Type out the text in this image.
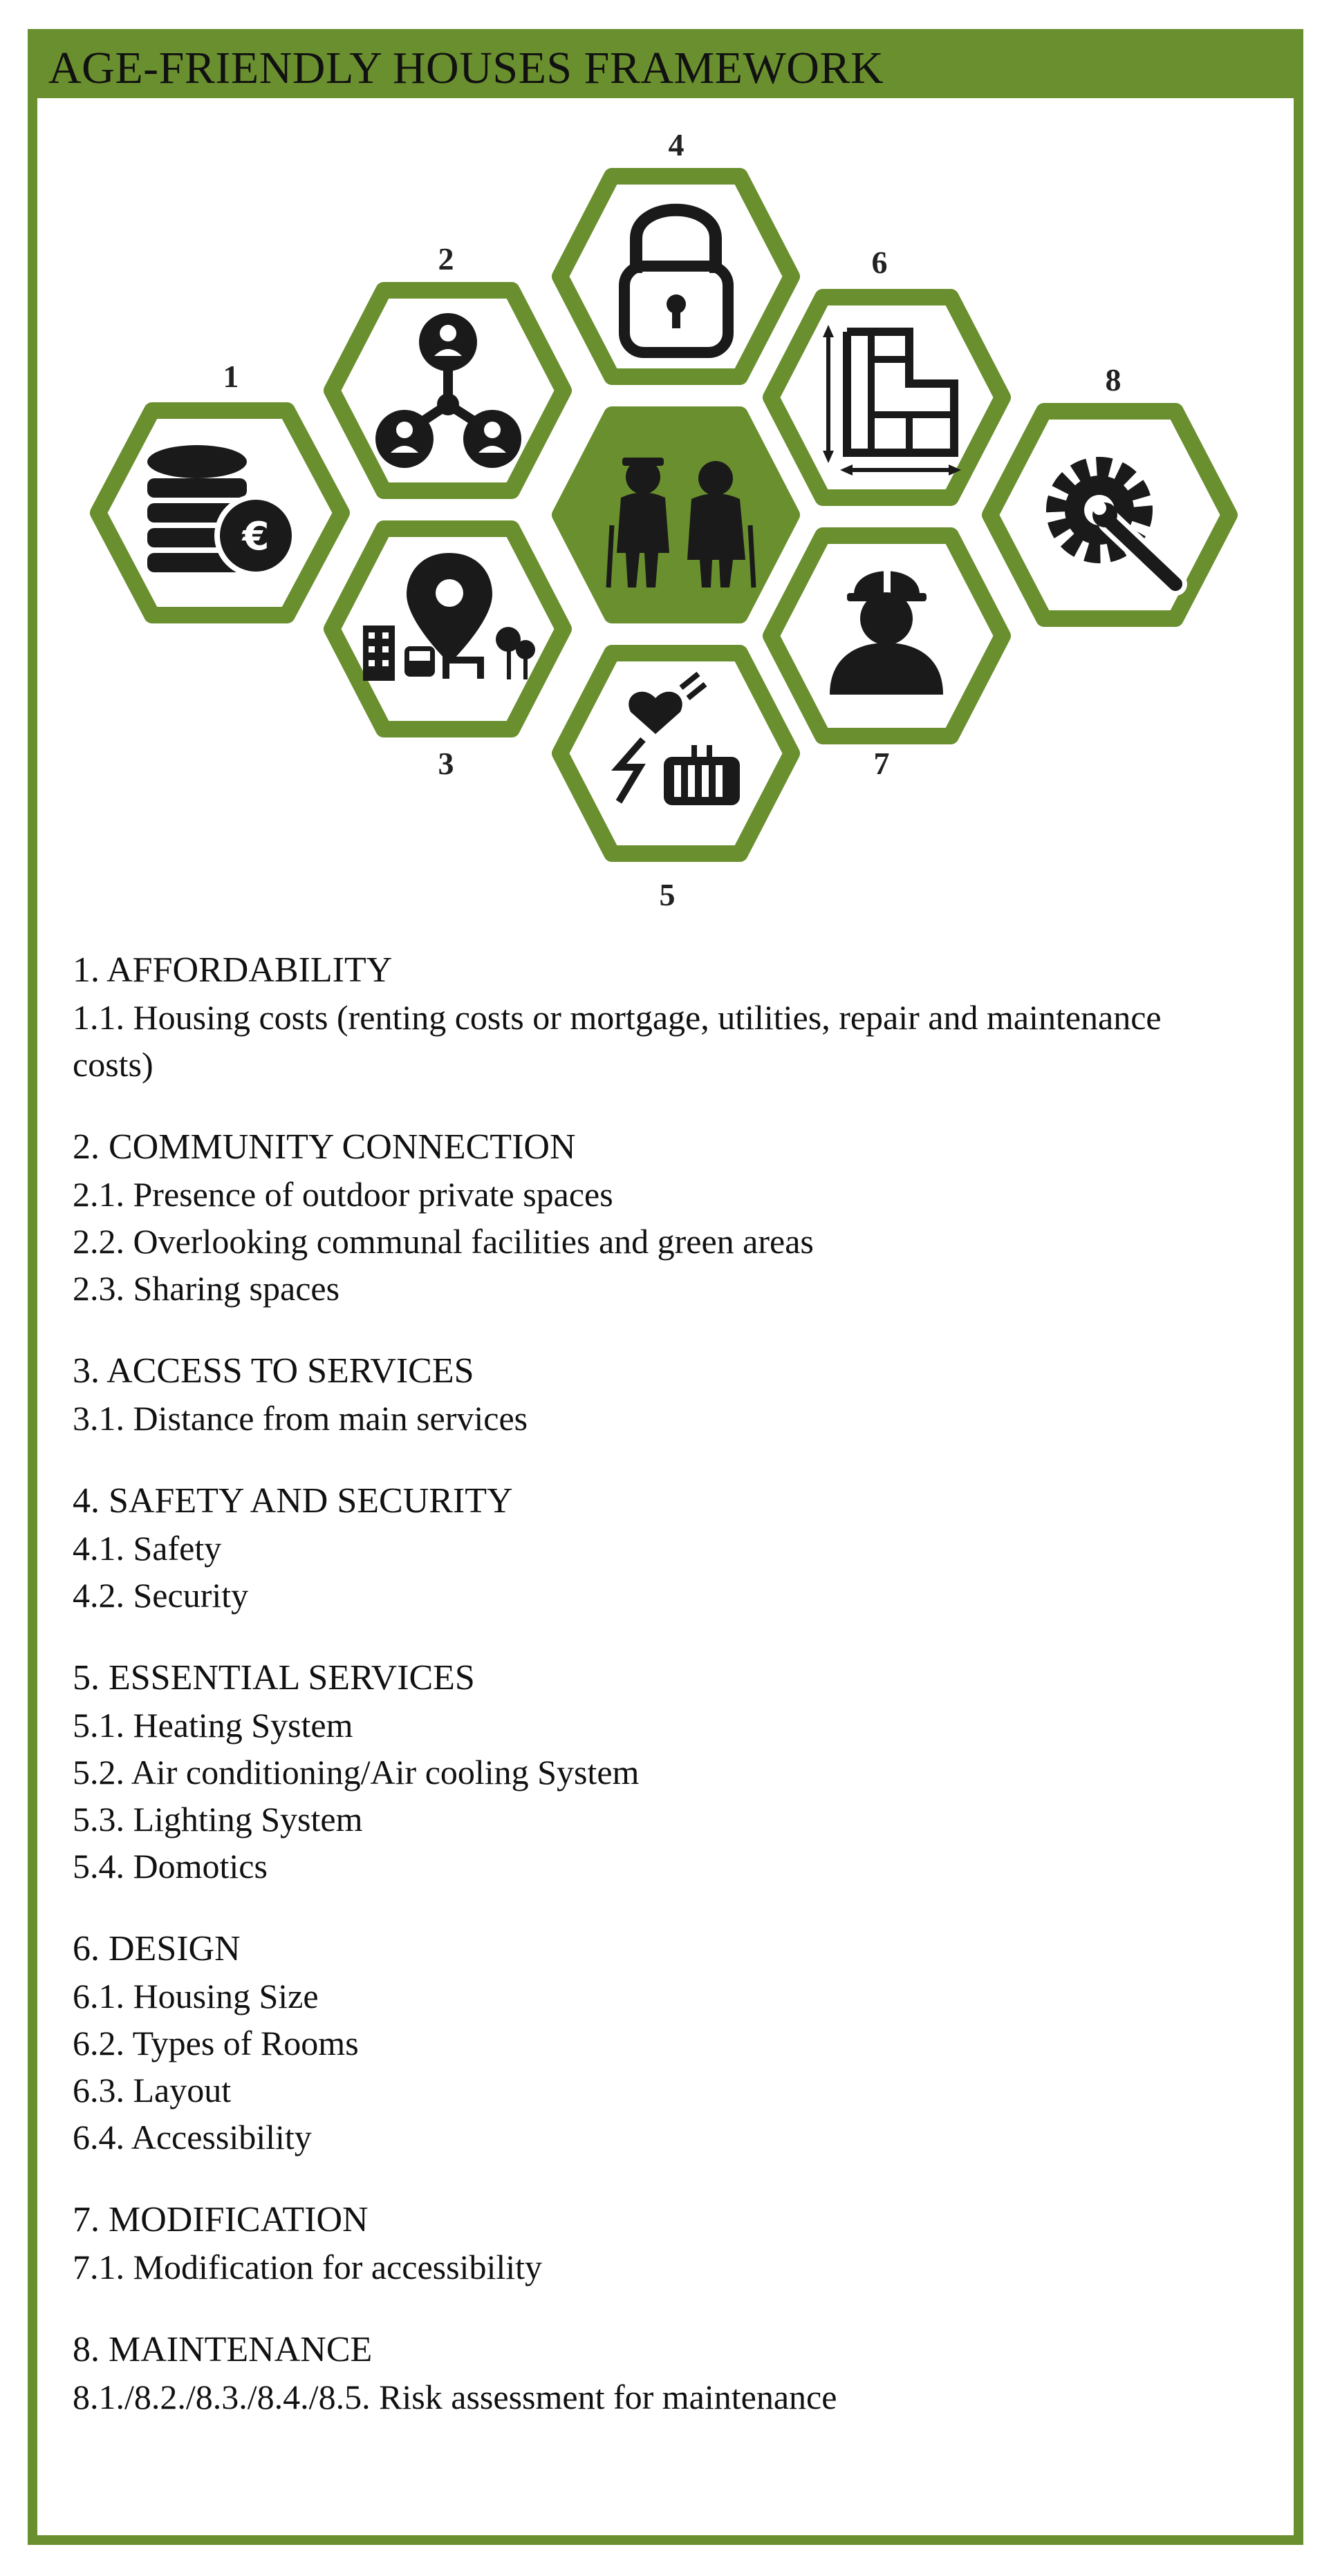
AGE-FRIENDLY HOUSES FRAMEWORK
1
€
2
3
4
5
6
7
8

1. AFFORDABILITY

1.1. Housing costs (renting costs or mortgage, utilities, repair and maintenance costs)

2. COMMUNITY CONNECTION

2.1. Presence of outdoor private spaces

2.2. Overlooking communal facilities and green areas

2.3. Sharing spaces

3. ACCESS TO SERVICES

3.1. Distance from main services

4. SAFETY AND SECURITY

4.1. Safety

4.2. Security

5. ESSENTIAL SERVICES

5.1. Heating System

5.2. Air conditioning/Air cooling System

5.3. Lighting System

5.4. Domotics

6. DESIGN

6.1. Housing Size

6.2. Types of Rooms

6.3. Layout

6.4. Accessibility

7. MODIFICATION

7.1. Modification for accessibility

8. MAINTENANCE

8.1./8.2./8.3./8.4./8.5. Risk assessment for maintenance
